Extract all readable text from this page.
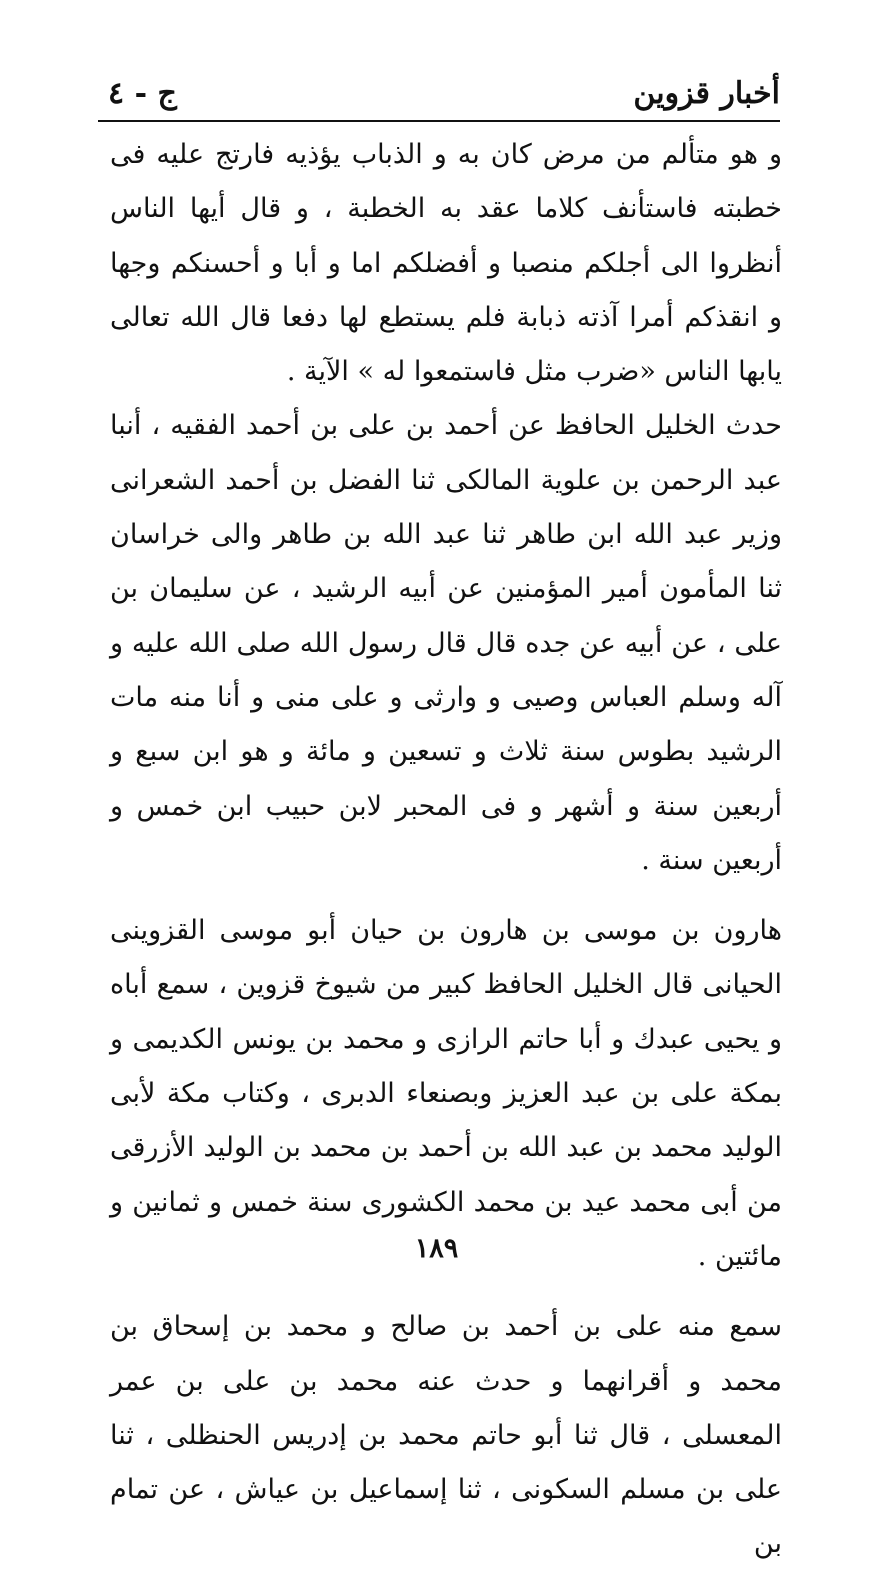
أخبار قزوين
ج - ٤

و هو متألم من مرض كان به و الذباب يؤذيه فارتج عليه فى خطبته فاستأنف كلاما عقد به الخطبة ، و قال أيها الناس أنظروا الى أجلكم منصبا و أفضلكم اما و أبا و أحسنكم وجها و انقذكم أمرا آذته ذبابة فلم يستطع لها دفعا قال الله تعالى يابها الناس «ضرب مثل فاستمعوا له » الآية .

حدث الخليل الحافظ عن أحمد بن على بن أحمد الفقيه ، أنبا عبد الرحمن بن علوية المالكى ثنا الفضل بن أحمد الشعرانى وزير عبد الله ابن طاهر ثنا عبد الله بن طاهر والى خراسان ثنا المأمون أمير المؤمنين عن أبيه الرشيد ، عن سليمان بن على ، عن أبيه عن جده قال قال رسول الله صلى الله عليه و آله وسلم العباس وصيى و وارثى و على منى و أنا منه مات الرشيد بطوس سنة ثلاث و تسعين و مائة و هو ابن سبع و أربعين سنة و أشهر و فى المحبر لابن حبيب ابن خمس و أربعين سنة .

هارون بن موسى بن هارون بن حيان أبو موسى القزوينى الحيانى قال الخليل الحافظ كبير من شيوخ قزوين ، سمع أباه و يحيى عبدك و أبا حاتم الرازى و محمد بن يونس الكديمى و بمكة على بن عبد العزيز وبصنعاء الدبرى ، وكتاب مكة لأبى الوليد محمد بن عبد الله بن أحمد بن محمد بن الوليد الأزرقى من أبى محمد عيد بن محمد الكشورى سنة خمس و ثمانين و مائتين .

سمع منه على بن أحمد بن صالح و محمد بن إسحاق بن محمد و أقرانهما و حدث عنه محمد بن على بن عمر المعسلى ، قال ثنا أبو حاتم محمد بن إدريس الحنظلى ، ثنا على بن مسلم السكونى ، ثنا إسماعيل بن عياش ، عن تمام بن

١٨٩
